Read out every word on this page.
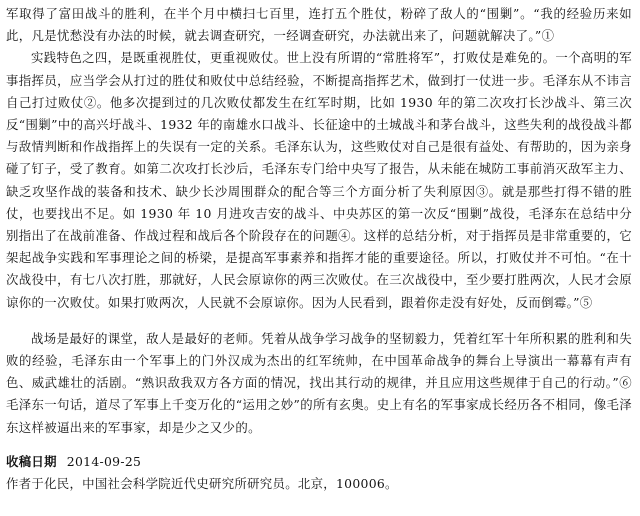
军取得了富田战斗的胜利，在半个月中横扫七百里，连打五个胜仗，粉碎了敌人的“围剿”。“我的经验历来如此，凡是忧愁没有办法的时候，就去调查研究，一经调查研究，办法就出来了，问题就解决了。”①

实践特色之四，是既重视胜仗，更重视败仗。世上没有所谓的“常胜将军”，打败仗是难免的。一个高明的军事指挥员，应当学会从打过的胜仗和败仗中总结经验，不断提高指挥艺术，做到打一仗进一步。毛泽东从不讳言自己打过败仗②。他多次提到过的几次败仗都发生在红军时期，比如 1930 年的第二次攻打长沙战斗、第三次反“围剿”中的高兴圩战斗、1932 年的南雄水口战斗、长征途中的土城战斗和茅台战斗，这些失利的战役战斗都与敌情判断和作战指挥上的失误有一定的关系。毛泽东认为，这些败仗对自己是很有益处、有帮助的，因为亲身碰了钉子，受了教育。如第二次攻打长沙后，毛泽东专门给中央写了报告，从未能在城防工事前消灭敌军主力、缺乏攻坚作战的装备和技术、缺少长沙周围群众的配合等三个方面分析了失利原因③。就是那些打得不错的胜仗，也要找出不足。如 1930 年 10 月进攻吉安的战斗、中央苏区的第一次反“围剿”战役，毛泽东在总结中分别指出了在战前准备、作战过程和战后各个阶段存在的问题④。这样的总结分析，对于指挥员是非常重要的，它架起战争实践和军事理论之间的桥梁，是提高军事素养和指挥才能的重要途径。所以，打败仗并不可怕。“在十次战役中，有七八次打胜，那就好，人民会原谅你的两三次败仗。在三次战役中，至少要打胜两次，人民才会原谅你的一次败仗。如果打败两次，人民就不会原谅你。因为人民看到，跟着你走没有好处，反而倒霉。”⑤

战场是最好的课堂，敌人是最好的老师。凭着从战争学习战争的坚韧毅力，凭着红军十年所积累的胜利和失败的经验，毛泽东由一个军事上的门外汉成为杰出的红军统帅，在中国革命战争的舞台上导演出一幕幕有声有色、威武雄壮的活剧。“熟识敌我双方各方面的情况，找出其行动的规律，并且应用这些规律于自己的行动。”⑥毛泽东一句话，道尽了军事上千变万化的“运用之妙”的所有玄奥。史上有名的军事家成长经历各不相同，像毛泽东这样被逼出来的军事家，却是少之又少的。

收稿日期 2014-09-25

作者于化民，中国社会科学院近代史研究所研究员。北京，100006。
